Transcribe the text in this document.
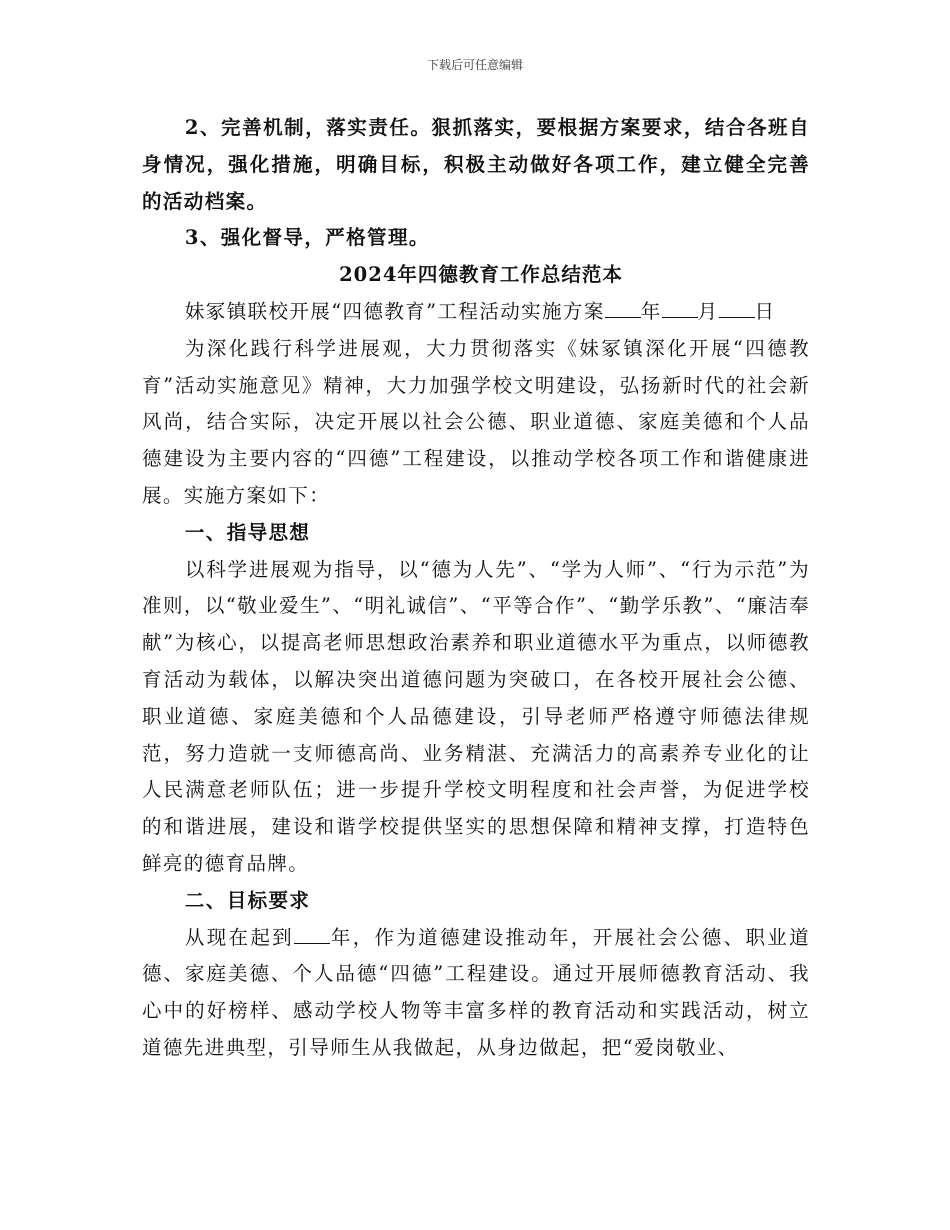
下载后可任意编辑

2、完善机制，落实责任。狠抓落实，要根据方案要求，结合各班自身情况，强化措施，明确目标，积极主动做好各项工作，建立健全完善的活动档案。

3、强化督导，严格管理。

2024年四德教育工作总结范本

妹冢镇联校开展“四德教育”工程活动实施方案 年 月 日

为深化践行科学进展观，大力贯彻落实《妹冢镇深化开展“四德教育”活动实施意见》精神，大力加强学校文明建设，弘扬新时代的社会新风尚，结合实际，决定开展以社会公德、职业道德、家庭美德和个人品德建设为主要内容的“四德”工程建设，以推动学校各项工作和谐健康进展。实施方案如下：

一、指导思想

以科学进展观为指导，以“德为人先”、“学为人师”、“行为示范”为准则，以“敬业爱生”、“明礼诚信”、“平等合作”、“勤学乐教”、“廉洁奉献”为核心，以提高老师思想政治素养和职业道德水平为重点，以师德教育活动为载体，以解决突出道德问题为突破口，在各校开展社会公德、职业道德、家庭美德和个人品德建设，引导老师严格遵守师德法律规范，努力造就一支师德高尚、业务精湛、充满活力的高素养专业化的让人民满意老师队伍；进一步提升学校文明程度和社会声誉，为促进学校的和谐进展，建设和谐学校提供坚实的思想保障和精神支撑，打造特色鲜亮的德育品牌。

二、目标要求

从现在起到 年，作为道德建设推动年，开展社会公德、职业道德、家庭美德、个人品德“四德”工程建设。通过开展师德教育活动、我心中的好榜样、感动学校人物等丰富多样的教育活动和实践活动，树立道德先进典型，引导师生从我做起，从身边做起，把“爱岗敬业、
